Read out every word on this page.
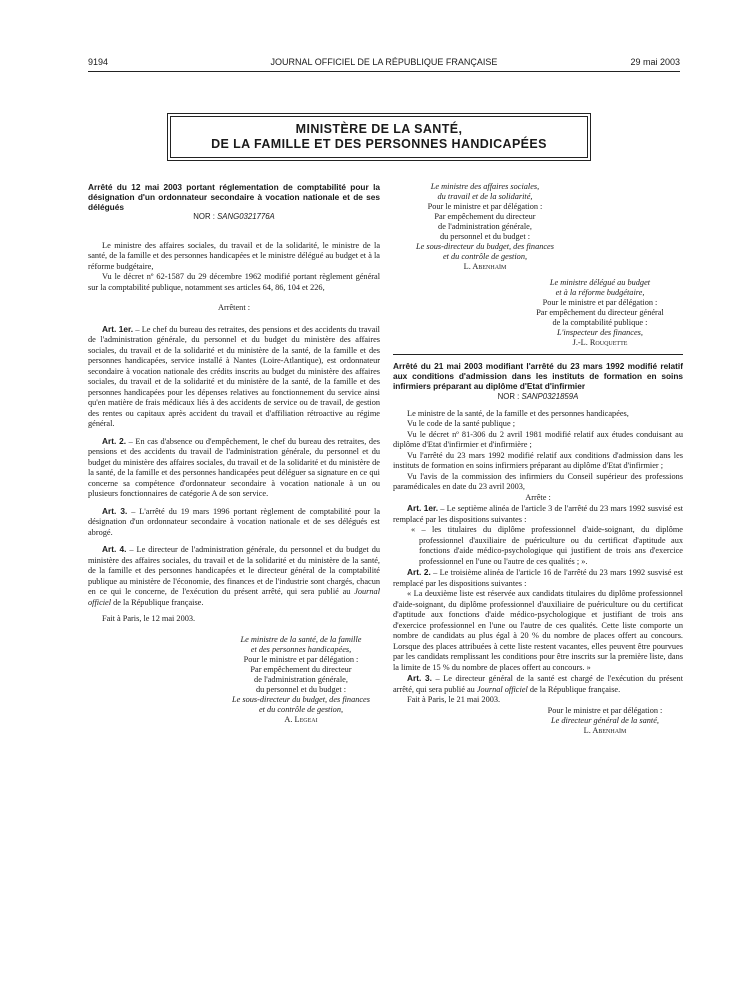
9194	JOURNAL OFFICIEL DE LA RÉPUBLIQUE FRANÇAISE	29 mai 2003
MINISTÈRE DE LA SANTÉ,
DE LA FAMILLE ET DES PERSONNES HANDICAPÉES

Arrêté du 12 mai 2003 portant réglementation de comptabilité pour la désignation d'un ordonnateur secondaire à vocation nationale et de ses délégués

NOR : SANG0321776A

Le ministre des affaires sociales, du travail et de la solidarité, le ministre de la santé, de la famille et des personnes handicapées et le ministre délégué au budget et à la réforme budgétaire,

Vu le décret nº 62-1587 du 29 décembre 1962 modifié portant règlement général sur la comptabilité publique, notamment ses articles 64, 86, 104 et 226,

Arrêtent :

Art. 1er. – Le chef du bureau des retraites, des pensions et des accidents du travail de l'administration générale, du personnel et du budget du ministère des affaires sociales, du travail et de la solidarité et du ministère de la santé, de la famille et des personnes handicapées, service installé à Nantes (Loire-Atlantique), est ordonnateur secondaire à vocation nationale des crédits inscrits au budget du ministère des affaires sociales, du travail et de la solidarité et du ministère de la santé, de la famille et des personnes handicapées pour les dépenses relatives au fonctionnement du service ainsi qu'en matière de frais médicaux liés à des accidents de service ou de travail, de gestion des rentes ou capitaux après accident du travail et d'affiliation rétroactive au régime général.

Art. 2. – En cas d'absence ou d'empêchement, le chef du bureau des retraites, des pensions et des accidents du travail de l'administration générale, du personnel et du budget du ministère des affaires sociales, du travail et de la solidarité et du ministère de la santé, de la famille et des personnes handicapées peut déléguer sa signature en ce qui concerne sa compétence d'ordonnateur secondaire à vocation nationale à un ou plusieurs fonctionnaires de catégorie A de son service.

Art. 3. – L'arrêté du 19 mars 1996 portant règlement de comptabilité pour la désignation d'un ordonnateur secondaire à vocation nationale et de ses délégués est abrogé.

Art. 4. – Le directeur de l'administration générale, du personnel et du budget du ministère des affaires sociales, du travail et de la solidarité et du ministère de la santé, de la famille et des personnes handicapées et le directeur général de la comptabilité publique au ministère de l'économie, des finances et de l'industrie sont chargés, chacun en ce qui le concerne, de l'exécution du présent arrêté, qui sera publié au Journal officiel de la République française.

Fait à Paris, le 12 mai 2003.

Le ministre de la santé, de la famille

et des personnes handicapées,

Pour le ministre et par délégation :

Par empêchement du directeur

de l'administration générale,

du personnel et du budget :

Le sous-directeur du budget, des finances

et du contrôle de gestion,

A. Legeai

Le ministre des affaires sociales,

du travail et de la solidarité,

Pour le ministre et par délégation :

Par empêchement du directeur

de l'administration générale,

du personnel et du budget :

Le sous-directeur du budget, des finances

et du contrôle de gestion,

L. Abenhaïm

Le ministre délégué au budget

et à la réforme budgétaire,

Pour le ministre et par délégation :

Par empêchement du directeur général

de la comptabilité publique :

L'inspecteur des finances,

J.-L. Rouquette

Arrêté du 21 mai 2003 modifiant l'arrêté du 23 mars 1992 modifié relatif aux conditions d'admission dans les instituts de formation en soins infirmiers préparant au diplôme d'Etat d'infirmier

NOR : SANP0321859A

Le ministre de la santé, de la famille et des personnes handicapées,

Vu le code de la santé publique ;

Vu le décret nº 81-306 du 2 avril 1981 modifié relatif aux études conduisant au diplôme d'Etat d'infirmier et d'infirmière ;

Vu l'arrêté du 23 mars 1992 modifié relatif aux conditions d'admission dans les instituts de formation en soins infirmiers préparant au diplôme d'Etat d'infirmier ;

Vu l'avis de la commission des infirmiers du Conseil supérieur des professions paramédicales en date du 23 avril 2003,

Arrête :

Art. 1er. – Le septième alinéa de l'article 3 de l'arrêté du 23 mars 1992 susvisé est remplacé par les dispositions suivantes :

« – les titulaires du diplôme professionnel d'aide-soignant, du diplôme professionnel d'auxiliaire de puériculture ou du certificat d'aptitude aux fonctions d'aide médico-psychologique qui justifient de trois ans d'exercice professionnel en l'une ou l'autre de ces qualités ; ».

Art. 2. – Le troisième alinéa de l'article 16 de l'arrêté du 23 mars 1992 susvisé est remplacé par les dispositions suivantes :

« La deuxième liste est réservée aux candidats titulaires du diplôme professionnel d'aide-soignant, du diplôme professionnel d'auxiliaire de puériculture ou du certificat d'aptitude aux fonctions d'aide médico-psychologique et justifiant de trois ans d'exercice professionnel en l'une ou l'autre de ces qualités. Cette liste comporte un nombre de candidats au plus égal à 20 % du nombre de places offert au concours. Lorsque des places attribuées à cette liste restent vacantes, elles peuvent être pourvues par les candidats remplissant les conditions pour être inscrits sur la première liste, dans la limite de 15 % du nombre de places offert au concours. »

Art. 3. – Le directeur général de la santé est chargé de l'exécution du présent arrêté, qui sera publié au Journal officiel de la République française.

Fait à Paris, le 21 mai 2003.

Pour le ministre et par délégation :

Le directeur général de la santé,

L. Abenhaïm
